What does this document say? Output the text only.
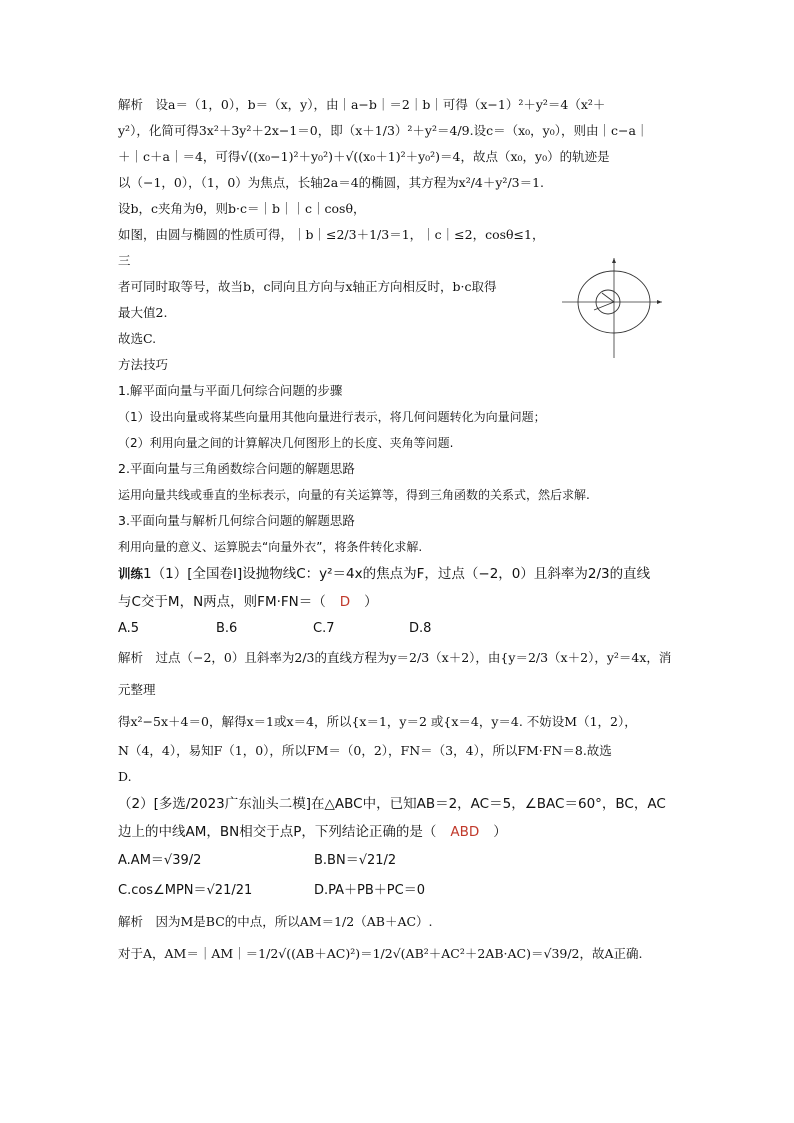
解析　设a＝（1，0），b＝（x，y），由｜a−b｜＝2｜b｜可得（x−1）²＋y²＝4（x²＋

y²），化简可得3x²＋3y²＋2x−1＝0，即（x＋1/3）²＋y²＝4/9.设c＝（x₀，y₀），则由｜c−a｜

＋｜c＋a｜＝4，可得√((x₀−1)²＋y₀²)＋√((x₀＋1)²＋y₀²)＝4，故点（x₀，y₀）的轨迹是

以（−1，0），（1，0）为焦点，长轴2a＝4的椭圆，其方程为x²/4＋y²/3＝1.

设b，c夹角为θ，则b·c＝｜b｜｜c｜cosθ，

如图，由圆与椭圆的性质可得，｜b｜≤2/3＋1/3＝1，｜c｜≤2，cosθ≤1，三

者可同时取等号，故当b，c同向且方向与x轴正方向相反时，b·c取得

最大值2.

故选C.

方法技巧

1.解平面向量与平面几何综合问题的步骤

（1）设出向量或将某些向量用其他向量进行表示，将几何问题转化为向量问题；

（2）利用向量之间的计算解决几何图形上的长度、夹角等问题.

2.平面向量与三角函数综合问题的解题思路

运用向量共线或垂直的坐标表示，向量的有关运算等，得到三角函数的关系式，然后求解.

3.平面向量与解析几何综合问题的解题思路

利用向量的意义、运算脱去“向量外衣”，将条件转化求解.

训练1（1）[全国卷Ⅰ]设抛物线C：y²＝4x的焦点为F，过点（−2，0）且斜率为2/3的直线

与C交于M，N两点，则FM·FN＝（ D ）

A.5	B.6	C.7	D.8

解析　过点（−2，0）且斜率为2/3的直线方程为y＝2/3（x＋2），由{y＝2/3（x＋2），y²＝4x，消元整理

得x²−5x＋4＝0，解得x＝1或x＝4，所以{x＝1，y＝2 或{x＝4，y＝4. 不妨设M（1，2），

N（4，4），易知F（1，0），所以FM＝（0，2），FN＝（3，4），所以FM·FN＝8.故选

D.

（2）[多选/2023广东汕头二模]在△ABC中，已知AB＝2，AC＝5，∠BAC＝60°，BC，AC

边上的中线AM，BN相交于点P，下列结论正确的是（ ABD ）

A.AM＝√39/2	B.BN＝√21/2
C.cos∠MPN＝√21/21	D.PA＋PB＋PC＝0

解析　因为M是BC的中点，所以AM＝1/2（AB＋AC）.

对于A，AM＝｜AM｜＝1/2√((AB＋AC)²)＝1/2√(AB²＋AC²＋2AB·AC)＝√39/2，故A正确.
